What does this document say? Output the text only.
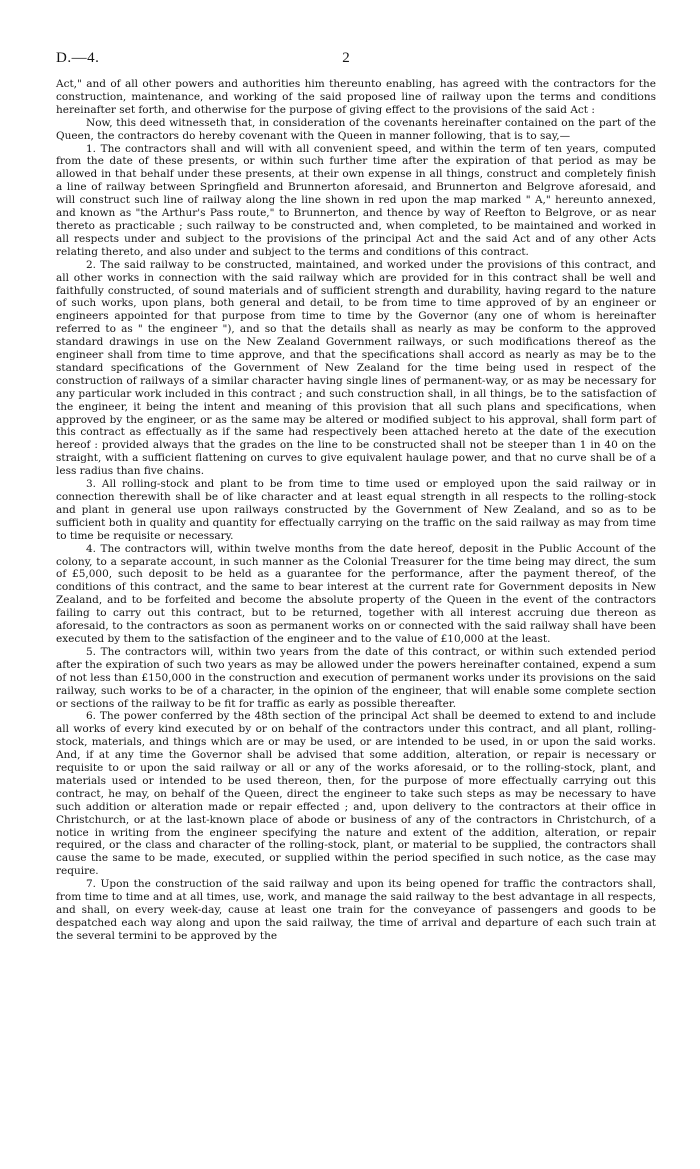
D.—4.	2

Act," and of all other powers and authorities him thereunto enabling, has agreed with the contractors for the construction, maintenance, and working of the said proposed line of railway upon the terms and conditions hereinafter set forth, and otherwise for the purpose of giving effect to the provisions of the said Act :

Now, this deed witnesseth that, in consideration of the covenants hereinafter contained on the part of the Queen, the contractors do hereby covenant with the Queen in manner following, that is to say,—

1. The contractors shall and will with all convenient speed, and within the term of ten years, computed from the date of these presents, or within such further time after the expiration of that period as may be allowed in that behalf under these presents, at their own expense in all things, construct and completely finish a line of railway between Springfield and Brunnerton aforesaid, and Brunnerton and Belgrove aforesaid, and will construct such line of railway along the line shown in red upon the map marked " A," hereunto annexed, and known as "the Arthur's Pass route," to Brunnerton, and thence by way of Reefton to Belgrove, or as near thereto as practicable ; such railway to be constructed and, when completed, to be maintained and worked in all respects under and subject to the provisions of the principal Act and the said Act and of any other Acts relating thereto, and also under and subject to the terms and conditions of this contract.

2. The said railway to be constructed, maintained, and worked under the provisions of this contract, and all other works in connection with the said railway which are provided for in this contract shall be well and faithfully constructed, of sound materials and of sufficient strength and durability, having regard to the nature of such works, upon plans, both general and detail, to be from time to time approved of by an engineer or engineers appointed for that purpose from time to time by the Governor (any one of whom is hereinafter referred to as " the engineer "), and so that the details shall as nearly as may be conform to the approved standard drawings in use on the New Zealand Government railways, or such modifications thereof as the engineer shall from time to time approve, and that the specifications shall accord as nearly as may be to the standard specifications of the Government of New Zealand for the time being used in respect of the construction of railways of a similar character having single lines of permanent-way, or as may be necessary for any particular work included in this contract ; and such construction shall, in all things, be to the satisfaction of the engineer, it being the intent and meaning of this provision that all such plans and specifications, when approved by the engineer, or as the same may be altered or modified subject to his approval, shall form part of this contract as effectually as if the same had respectively been attached hereto at the date of the execution hereof : provided always that the grades on the line to be constructed shall not be steeper than 1 in 40 on the straight, with a sufficient flattening on curves to give equivalent haulage power, and that no curve shall be of a less radius than five chains.

3. All rolling-stock and plant to be from time to time used or employed upon the said railway or in connection therewith shall be of like character and at least equal strength in all respects to the rolling-stock and plant in general use upon railways constructed by the Government of New Zealand, and so as to be sufficient both in quality and quantity for effectually carrying on the traffic on the said railway as may from time to time be requisite or necessary.

4. The contractors will, within twelve months from the date hereof, deposit in the Public Account of the colony, to a separate account, in such manner as the Colonial Treasurer for the time being may direct, the sum of £5,000, such deposit to be held as a guarantee for the performance, after the payment thereof, of the conditions of this contract, and the same to bear interest at the current rate for Government deposits in New Zealand, and to be forfeited and become the absolute property of the Queen in the event of the contractors failing to carry out this contract, but to be returned, together with all interest accruing due thereon as aforesaid, to the contractors as soon as permanent works on or connected with the said railway shall have been executed by them to the satisfaction of the engineer and to the value of £10,000 at the least.

5. The contractors will, within two years from the date of this contract, or within such extended period after the expiration of such two years as may be allowed under the powers hereinafter contained, expend a sum of not less than £150,000 in the construction and execution of permanent works under its provisions on the said railway, such works to be of a character, in the opinion of the engineer, that will enable some complete section or sections of the railway to be fit for traffic as early as possible thereafter.

6. The power conferred by the 48th section of the principal Act shall be deemed to extend to and include all works of every kind executed by or on behalf of the contractors under this contract, and all plant, rolling-stock, materials, and things which are or may be used, or are intended to be used, in or upon the said works. And, if at any time the Governor shall be advised that some addition, alteration, or repair is necessary or requisite to or upon the said railway or all or any of the works aforesaid, or to the rolling-stock, plant, and materials used or intended to be used thereon, then, for the purpose of more effectually carrying out this contract, he may, on behalf of the Queen, direct the engineer to take such steps as may be necessary to have such addition or alteration made or repair effected ; and, upon delivery to the contractors at their office in Christchurch, or at the last-known place of abode or business of any of the contractors in Christchurch, of a notice in writing from the engineer specifying the nature and extent of the addition, alteration, or repair required, or the class and character of the rolling-stock, plant, or material to be supplied, the contractors shall cause the same to be made, executed, or supplied within the period specified in such notice, as the case may require.

7. Upon the construction of the said railway and upon its being opened for traffic the contractors shall, from time to time and at all times, use, work, and manage the said railway to the best advantage in all respects, and shall, on every week-day, cause at least one train for the conveyance of passengers and goods to be despatched each way along and upon the said railway, the time of arrival and departure of each such train at the several termini to be approved by the
